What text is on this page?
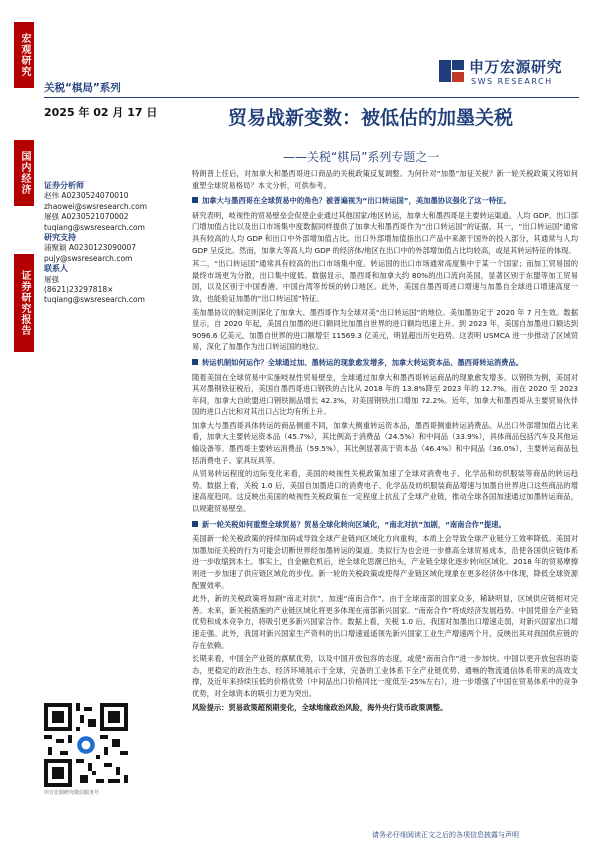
宏观研究
国内经济
证券研究报告
关税“棋局”系列
申万宏源研究
SWS RESEARCH
2025 年 02 月 17 日	贸易战新变数：被低估的加墨关税
——关税“棋局”系列专题之一
证券分析师
赵伟 A0230524070010
zhaowei@swsresearch.com
屠强 A0230521070002
tuqiang@swsresearch.com
研究支持
浦聚颖 A0230123090007
pujy@swsresearch.com
联系人
屠强
(8621)23297818×
tuqiang@swsresearch.com
申万宏源研究微信服务号

特朗普上任后，对加拿大和墨西哥进口商品的关税政策反复调整。为何针对“加墨”加征关税？新一轮关税政策又将如何重塑全球贸易格局？本文分析，可供参考。

加拿大与墨西哥在全球贸易中的角色？被普遍视为“出口转运国”，美加墨协议强化了这一特征。

研究表明，岐视性的贸易壁垒会促使企业通过其他国家/地区转运，加拿大和墨西哥是主要转运渠道。人均 GDP、出口部门增加值占比以及出口市场集中度数据同样提供了加拿大和墨西哥作为“出口转运国”的证据。其一，“出口转运国”通常具有较高的人均 GDP 和出口中外部增加值占比。出口外部增加值指出口产品中来源于国外的投入部分，其通常与人均 GDP 呈反比。然而，加拿大等高人均 GDP 的经济体/地区在出口中的外部增加值占比均较高，或是其转运特征的体现。

其二，“出口转运国”通常具有较高的出口市场集中度。转运国的出口市场通常高度集中于某一个国家；而加工贸易国的最终市场更为分散，出口集中度低。数据显示，墨西哥和加拿大约 80%的出口流向美国，显著区别于东盟等加工贸易国，以及区别于中国香港、中国台湾等传统的转口地区。此外，美国自墨西哥进口增速与加墨自全球进口增速高度一致，也能验证加墨的“出口转运国”特征。

美加墨协议的制定则深化了加拿大、墨西哥作为全球对美“出口转运国”的地位。美加墨协定于 2020 年 7 月生效。数据显示，自 2020 年起，美国自加墨的进口额同比加墨自世界的进口额均迅速上升。到 2023 年，美国自加墨进口额达到 9096.6 亿美元，加墨自世界的进口额增至 11569.3 亿美元，明显超出历史趋势。这表明 USMCA 进一步推动了区域贸易，深化了加墨作为出口转运国的地位。

转运机制如何运作？全球通过加、墨转运的现象愈发增多，加拿大转运资本品、墨西哥转运消费品。

随着美国在全球贸易中实施岐视性贸易壁垒，全球通过加拿大和墨西哥转运商品的现象愈发增多。以钢铁为例，美国对其对墨钢铁征税后，美国自墨西哥进口钢铁的占比从 2018 年的 13.8%降至 2023 年的 12.7%。而在 2020 至 2023 年间，加拿大自欧盟进口钢铁制品增长 42.3%，对美国钢铁出口增加 72.2%。近年，加拿大和墨西哥从主要贸易伙伴国的进口占比和对其出口占比均有所上升。

加拿大与墨西哥具体转运的商品侧重不同，加拿大侧重转运资本品，墨西哥侧重转运消费品。从出口外部增加值占比来看，加拿大主要转运资本品（45.7%），其比例高于消费品（24.5%）和中间品（33.9%），具体商品包括汽车及其他运输设备等。墨西哥主要转运消费品（59.5%），其比例显著高于资本品（46.4%）和中间品（36.0%），主要转运商品包括消费电子、家具玩具等。

从贸易转运程度的边际变化来看，美国的岐视性关税政策加速了全球对消费电子、化学品和纺织服装等商品的转运趋势。数据上看，关税 1.0 后，美国自加墨进口的消费电子、化学品及纺织服装商品增速与加墨自世界进口这些商品的增速高度趋同。这反映出美国的岐视性关税政策在一定程度上抗乱了全球产业链，推动全球各国加速通过加墨转运商品，以规避贸易壁垒。

新一轮关税如何重塑全球贸易？贸易全球化转向区域化，“南北对抗”加剧，“南南合作”提速。

美国新一轮关税政策的持续加码或导致全球产业链向区域化方向重构，本质上会导致全球产业链分工效率降低。美国对加墨加征关税的行为可能会切断世界经加墨转运的渠道。类似行为也会进一步推高全球贸易成本，沿使各国供应链体系进一步收缩到本土。事实上，自金融危机后，逆全球化思潮已抬头，产业链全球化逐步转向区域化。2018 年的贸易摩擦则进一步加速了供应链区域化的步伐。新一轮的关税政策或使得产业链区域化现象在更多经济体中体现，降低全球资源配置效率。

此外，新的关税政策将加剧“南北对抗”，加速“南南合作”。由于全球南部的国家众多，稀缺明显，区域供应链相对完善。未来，新关税措施的产业链区域化将更多体现在南部新兴国家。“南南合作”将成经济发展趋势。中国凭借全产业链优势和成本竞争力，将吸引更多新兴国家合作。数据上看，关税 1.0 后，我国对加墨出口增速走弱，对新兴国家出口增速走强。此外，我国对新兴国家生产资料的出口增速遥遥领先新兴国家工业生产增速两个月，反映出其对我国供应链的存在依赖。

长期来看，中国全产业链的禀赋优势，以及中国开放包容的态度，或使“南南合作”进一步加快。中国以更开放包容的姿态，更稳定的政治生态、经济环境展示于全球，完备的工业体系下全产业链优势、通畅的物流通信体系带来的高效支撑，及近年来持续压低的价格优势（中间品出口价格同比一度低至-25%左右），进一步增强了中国在贸易体系中的竞争优势，对全球资本的吸引力更为突出。

风险提示：贸易政策超预期变化，全球地缘政治风险，海外央行货币政策调整。

请务必仔细阅读正文之后的各项信息披露与声明
